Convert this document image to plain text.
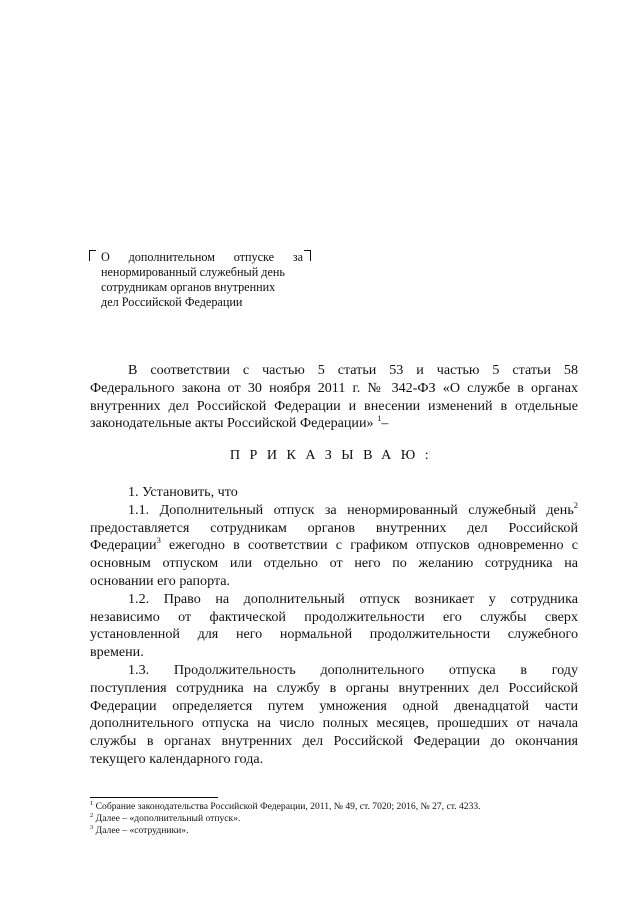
О дополнительном отпуске за
ненормированный служебный день
сотрудникам органов внутренних
дел Российской Федерации
В соответствии с частью 5 статьи 53 и частью 5 статьи 58
Федерального закона от 30 ноября 2011 г. № 342-ФЗ «О службе в органах
внутренних дел Российской Федерации и внесении изменений в отдельные
законодательные акты Российской Федерации» $^1$–
ПРИКАЗЫВАЮ:
1. Установить, что
1.1. Дополнительный отпуск за ненормированный служебный день$^2$
предоставляется сотрудникам органов внутренних дел Российской
Федерации$^3$ ежегодно в соответствии с графиком отпусков одновременно с
основным отпуском или отдельно от него по желанию сотрудника на
основании его рапорта.
1.2. Право на дополнительный отпуск возникает у сотрудника
независимо от фактической продолжительности его службы сверх
установленной для него нормальной продолжительности служебного
времени.
1.3. Продолжительность дополнительного отпуска в году
поступления сотрудника на службу в органы внутренних дел Российской
Федерации определяется путем умножения одной двенадцатой части
дополнительного отпуска на число полных месяцев, прошедших от начала
службы в органах внутренних дел Российской Федерации до окончания
текущего календарного года.
$^1$ Собрание законодательства Российской Федерации, 2011, № 49, ст. 7020; 2016, № 27, ст. 4233.
$^2$ Далее – «дополнительный отпуск».
$^3$ Далее – «сотрудники».
